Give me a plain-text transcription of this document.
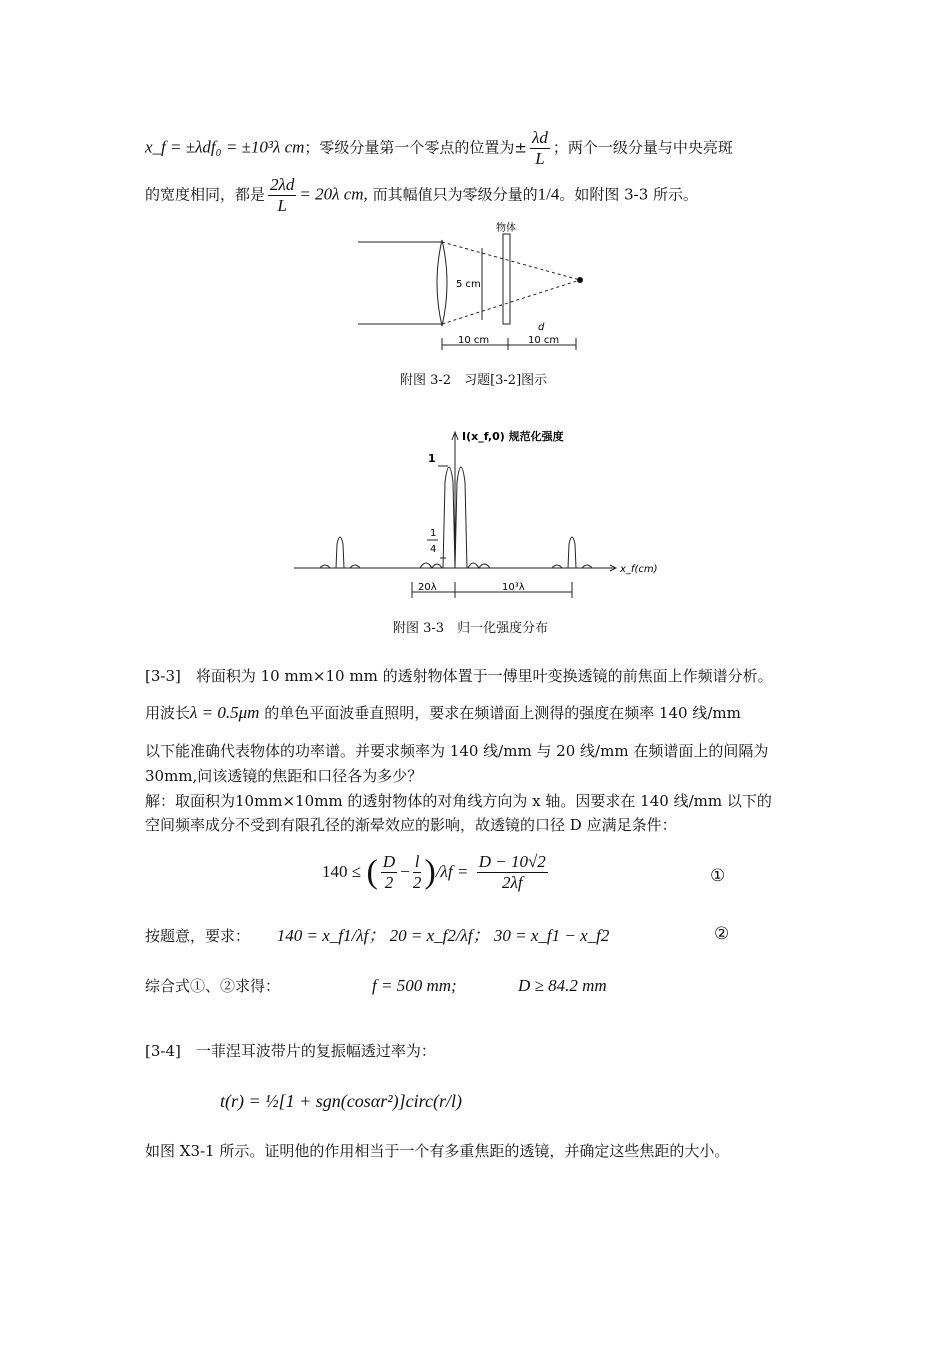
x_f = ±λdf₀ = ±10³λ cm；零级分量第一个零点的位置为± $\frac{\lambda d}{L}$ ；两个一级分量与中央亮斑
的宽度相同，都是 $\frac{2\lambda d}{L} = 20\lambda$ cm, 而其幅值只为零级分量的1/4。如附图 3-3 所示。
物体
5 cm
d
10 cm	10 cm
附图 3-2　习题[3-2]图示
I(x_f,0) 规范化强度
1
1
4
x_f(cm)
20λ	10³λ
附图 3-3　归一化强度分布
[3-3]　将面积为 10 mm×10 mm 的透射物体置于一傅里叶变换透镜的前焦面上作频谱分析。
用波长λ = 0.5μm 的单色平面波垂直照明，要求在频谱面上测得的强度在频率 140 线/mm
以下能准确代表物体的功率谱。并要求频率为 140 线/mm 与 20 线/mm 在频谱面上的间隔为
30mm,问该透镜的焦距和口径各为多少？
解：取面积为10mm×10mm 的透射物体的对角线方向为 x 轴。因要求在 140 线/mm 以下的
空间频率成分不受到有限孔径的渐晕效应的影响，故透镜的口径 D 应满足条件：
140 ≤ ( $\frac{D}{2} - \frac{l}{2} )/\lambda f = \frac{D - 10√2}{2\lambda f}$	①
按题意，要求： 140 = x_f1/λf； 20 = x_f2/λf； 30 = x_f1 − x_f2	②
综合式①、②求得：	f = 500 mm;	D ≥ 84.2 mm
[3-4]　一菲涅耳波带片的复振幅透过率为：
t(r) = ½[1 + sgn(cosαr²)]circ(r/l)
如图 X3-1 所示。证明他的作用相当于一个有多重焦距的透镜，并确定这些焦距的大小。
